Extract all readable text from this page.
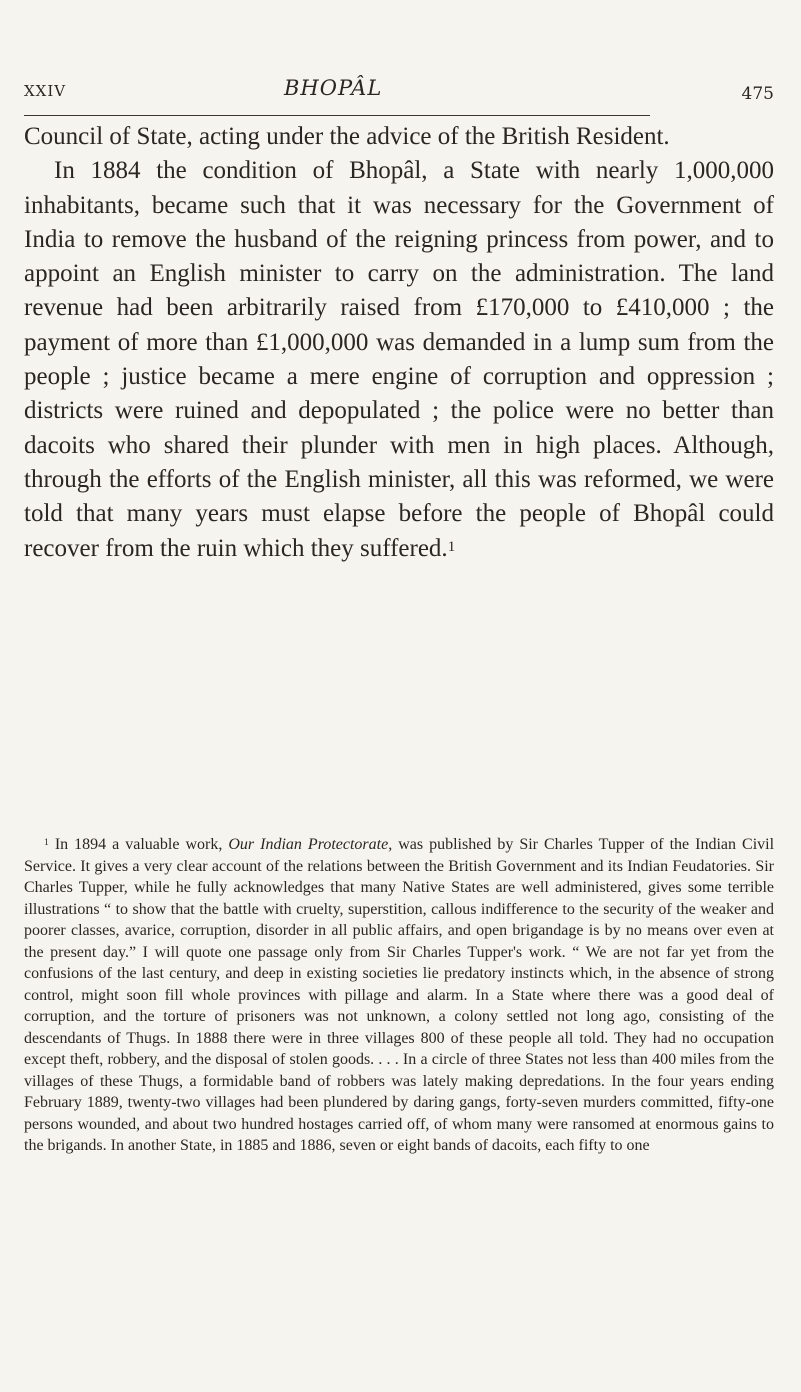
XXIV	BHOPÂL	475

Council of State, acting under the advice of the British Resident.

In 1884 the condition of Bhopâl, a State with nearly 1,000,000 inhabitants, became such that it was necessary for the Government of India to remove the husband of the reigning princess from power, and to appoint an English minister to carry on the administration. The land revenue had been arbitrarily raised from £170,000 to £410,000 ; the payment of more than £1,000,000 was demanded in a lump sum from the people ; justice became a mere engine of corruption and oppression ; districts were ruined and depopulated ; the police were no better than dacoits who shared their plunder with men in high places. Although, through the efforts of the English minister, all this was reformed, we were told that many years must elapse before the people of Bhopâl could recover from the ruin which they suffered.$^1$

$^1$ In 1894 a valuable work, Our Indian Protectorate, was published by Sir Charles Tupper of the Indian Civil Service. It gives a very clear account of the relations between the British Government and its Indian Feudatories. Sir Charles Tupper, while he fully acknowledges that many Native States are well administered, gives some terrible illustrations “ to show that the battle with cruelty, superstition, callous indifference to the security of the weaker and poorer classes, avarice, corruption, disorder in all public affairs, and open brigandage is by no means over even at the present day.” I will quote one passage only from Sir Charles Tupper's work. “ We are not far yet from the confusions of the last century, and deep in existing societies lie predatory instincts which, in the absence of strong control, might soon fill whole provinces with pillage and alarm. In a State where there was a good deal of corruption, and the torture of prisoners was not unknown, a colony settled not long ago, consisting of the descendants of Thugs. In 1888 there were in three villages 800 of these people all told. They had no occupation except theft, robbery, and the disposal of stolen goods. . . . In a circle of three States not less than 400 miles from the villages of these Thugs, a formidable band of robbers was lately making depredations. In the four years ending February 1889, twenty-two villages had been plundered by daring gangs, forty-seven murders committed, fifty-one persons wounded, and about two hundred hostages carried off, of whom many were ransomed at enormous gains to the brigands. In another State, in 1885 and 1886, seven or eight bands of dacoits, each fifty to one
